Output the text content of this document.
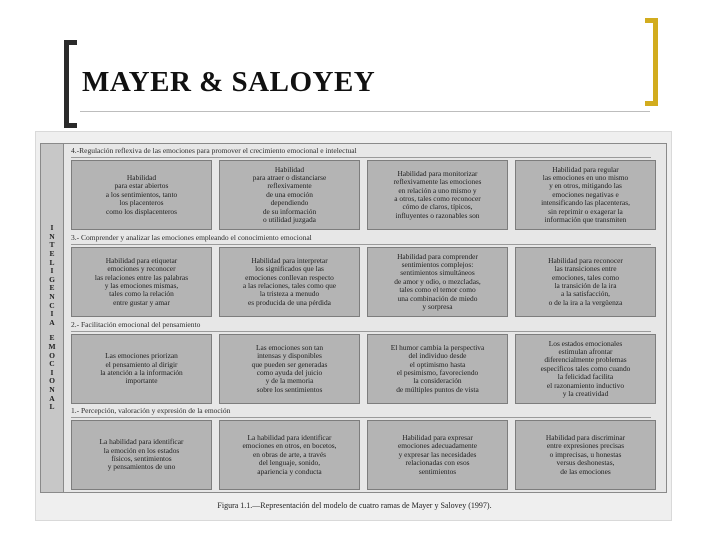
MAYER & SALOYEY
I
N
T
E
L
I
G
E
N
C
I
A
E
M
O
C
I
O
N
A
L
4.-Regulación reflexiva de las emociones para promover el crecimiento emocional e intelectual
Habilidad
para estar abiertos
a los sentimientos, tanto
los placenteros
como los displacenteros
Habilidad
para atraer o distanciarse
reflexivamente
de una emoción
dependiendo
de su información
o utilidad juzgada
Habilidad para monitorizar
reflexivamente las emociones
en relación a uno mismo y
a otros, tales como reconocer
cómo de claros, típicos,
influyentes o razonables son
Habilidad para regular
las emociones en uno mismo
y en otros, mitigando las
emociones negativas e
intensificando las placenteras,
sin reprimir o exagerar la
información que transmiten
3.- Comprender y analizar las emociones empleando el conocimiento emocional
Habilidad para etiquetar
emociones y reconocer
las relaciones entre las palabras
y las emociones mismas,
tales como la relación
entre gustar y amar
Habilidad para interpretar
los significados que las
emociones conllevan respecto
a las relaciones, tales como que
la tristeza a menudo
es producida de una pérdida
Habilidad para comprender
sentimientos complejos:
sentimientos simultáneos
de amor y odio, o mezcladas,
tales como el temor como
una combinación de miedo
y sorpresa
Habilidad para reconocer
las transiciones entre
emociones, tales como
la transición de la ira
a la satisfacción,
o de la ira a la vergüenza
2.- Facilitación emocional del pensamiento
Las emociones priorizan
el pensamiento al dirigir
la atención a la información
importante
Las emociones son tan
intensas y disponibles
que pueden ser generadas
como ayuda del juicio
y de la memoria
sobre los sentimientos
El humor cambia la perspectiva
del individuo desde
el optimismo hasta
el pesimismo, favoreciendo
la consideración
de múltiples puntos de vista
Los estados emocionales
estimulan afrontar
diferencialmente problemas
específicos tales como cuando
la felicidad facilita
el razonamiento inductivo
y la creatividad
1.- Percepción, valoración y expresión de la emoción
La habilidad para identificar
la emoción en los estados
físicos, sentimientos
y pensamientos de uno
La habilidad para identificar
emociones en otros, en bocetos,
en obras de arte, a través
del lenguaje, sonido,
apariencia y conducta
Habilidad para expresar
emociones adecuadamente
y expresar las necesidades
relacionadas con esos
sentimientos
Habilidad para discriminar
entre expresiones precisas
o imprecisas, u honestas
versus deshonestas,
de las emociones
Figura 1.1.—Representación del modelo de cuatro ramas de Mayer y Salovey (1997).
